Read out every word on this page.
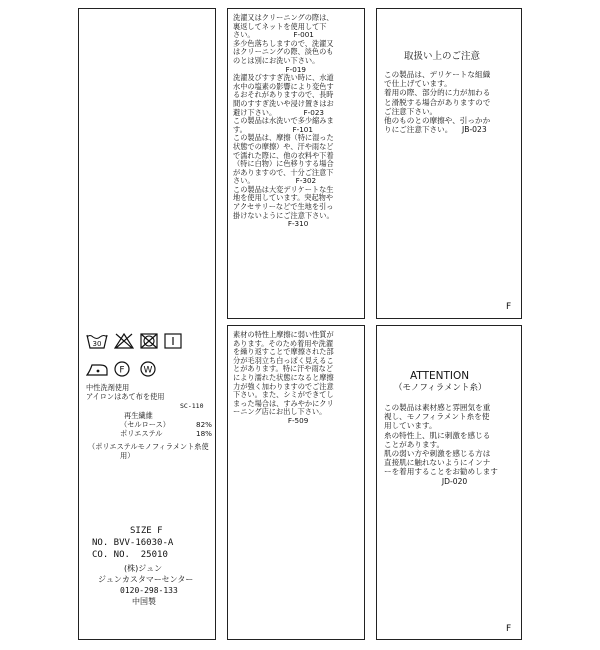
30
F W
中性洗剤使用
アイロンはあて布を使用
SC-110
再生繊維
（セルロース）	82%
ポリエステル	18%
（ポリエステルモノフィラメント糸使
用）
SIZE F
NO. BVV-16030-A
CO. NO.  25010
(株)ジュン
ジュンカスタマーセンター
0120-298-133
中国製
洗濯又はクリーニングの際は、
裏返してネットを使用して下
さい。                 F-001
多少色落ちしますので、洗濯又
はクリーニングの際、淡色のも
のとは別にお洗い下さい。
F-019
洗濯及びすすぎ洗い時に、水道
水中の塩素の影響により変色す
るおそれがありますので、長時
間のすすぎ洗いや浸け置きはお
避け下さい。            F-023
この製品は水洗いで多少縮みま
す。                    F-101
この製品は、摩擦（特に湿った
状態での摩擦）や、汗や雨など
で濡れた際に、他の衣料や下着
（特に白物）に色移りする場合
がありますので、十分ご注意下
さい。                  F-302
この製品は大変デリケートな生
地を使用しています。突起物や
アクセサリーなどで生地を引っ
掛けないようにご注意下さい。
F-310
素材の特性上摩擦に弱い性質が
あります。そのため着用や洗濯
を繰り返すことで摩擦された部
分が毛羽立ち白っぽく見えるこ
とがあります。特に汗や雨など
により濡れた状態になると摩擦
力が強く加わりますのでご注意
下さい。また、シミができてし
まった場合は、すみやかにクリ
ーニング店にお出し下さい。
F-509
取扱い上のご注意
この製品は、デリケートな組織
で仕上げています。
着用の際、部分的に力が加わる
と滑脱する場合がありますので
ご注意下さい。
他のものとの摩擦や、引っかか
りにご注意下さい。    JB-023
F
ATTENTION
（モノフィラメント糸）
この製品は素材感と雰囲気を重
視し、モノフィラメント糸を使
用しています。
糸の特性上、肌に刺激を感じる
ことがあります。
肌の弱い方や刺激を感じる方は
直接肌に触れないようにインナ
ーを着用することをお勧めします
JD-020
F
